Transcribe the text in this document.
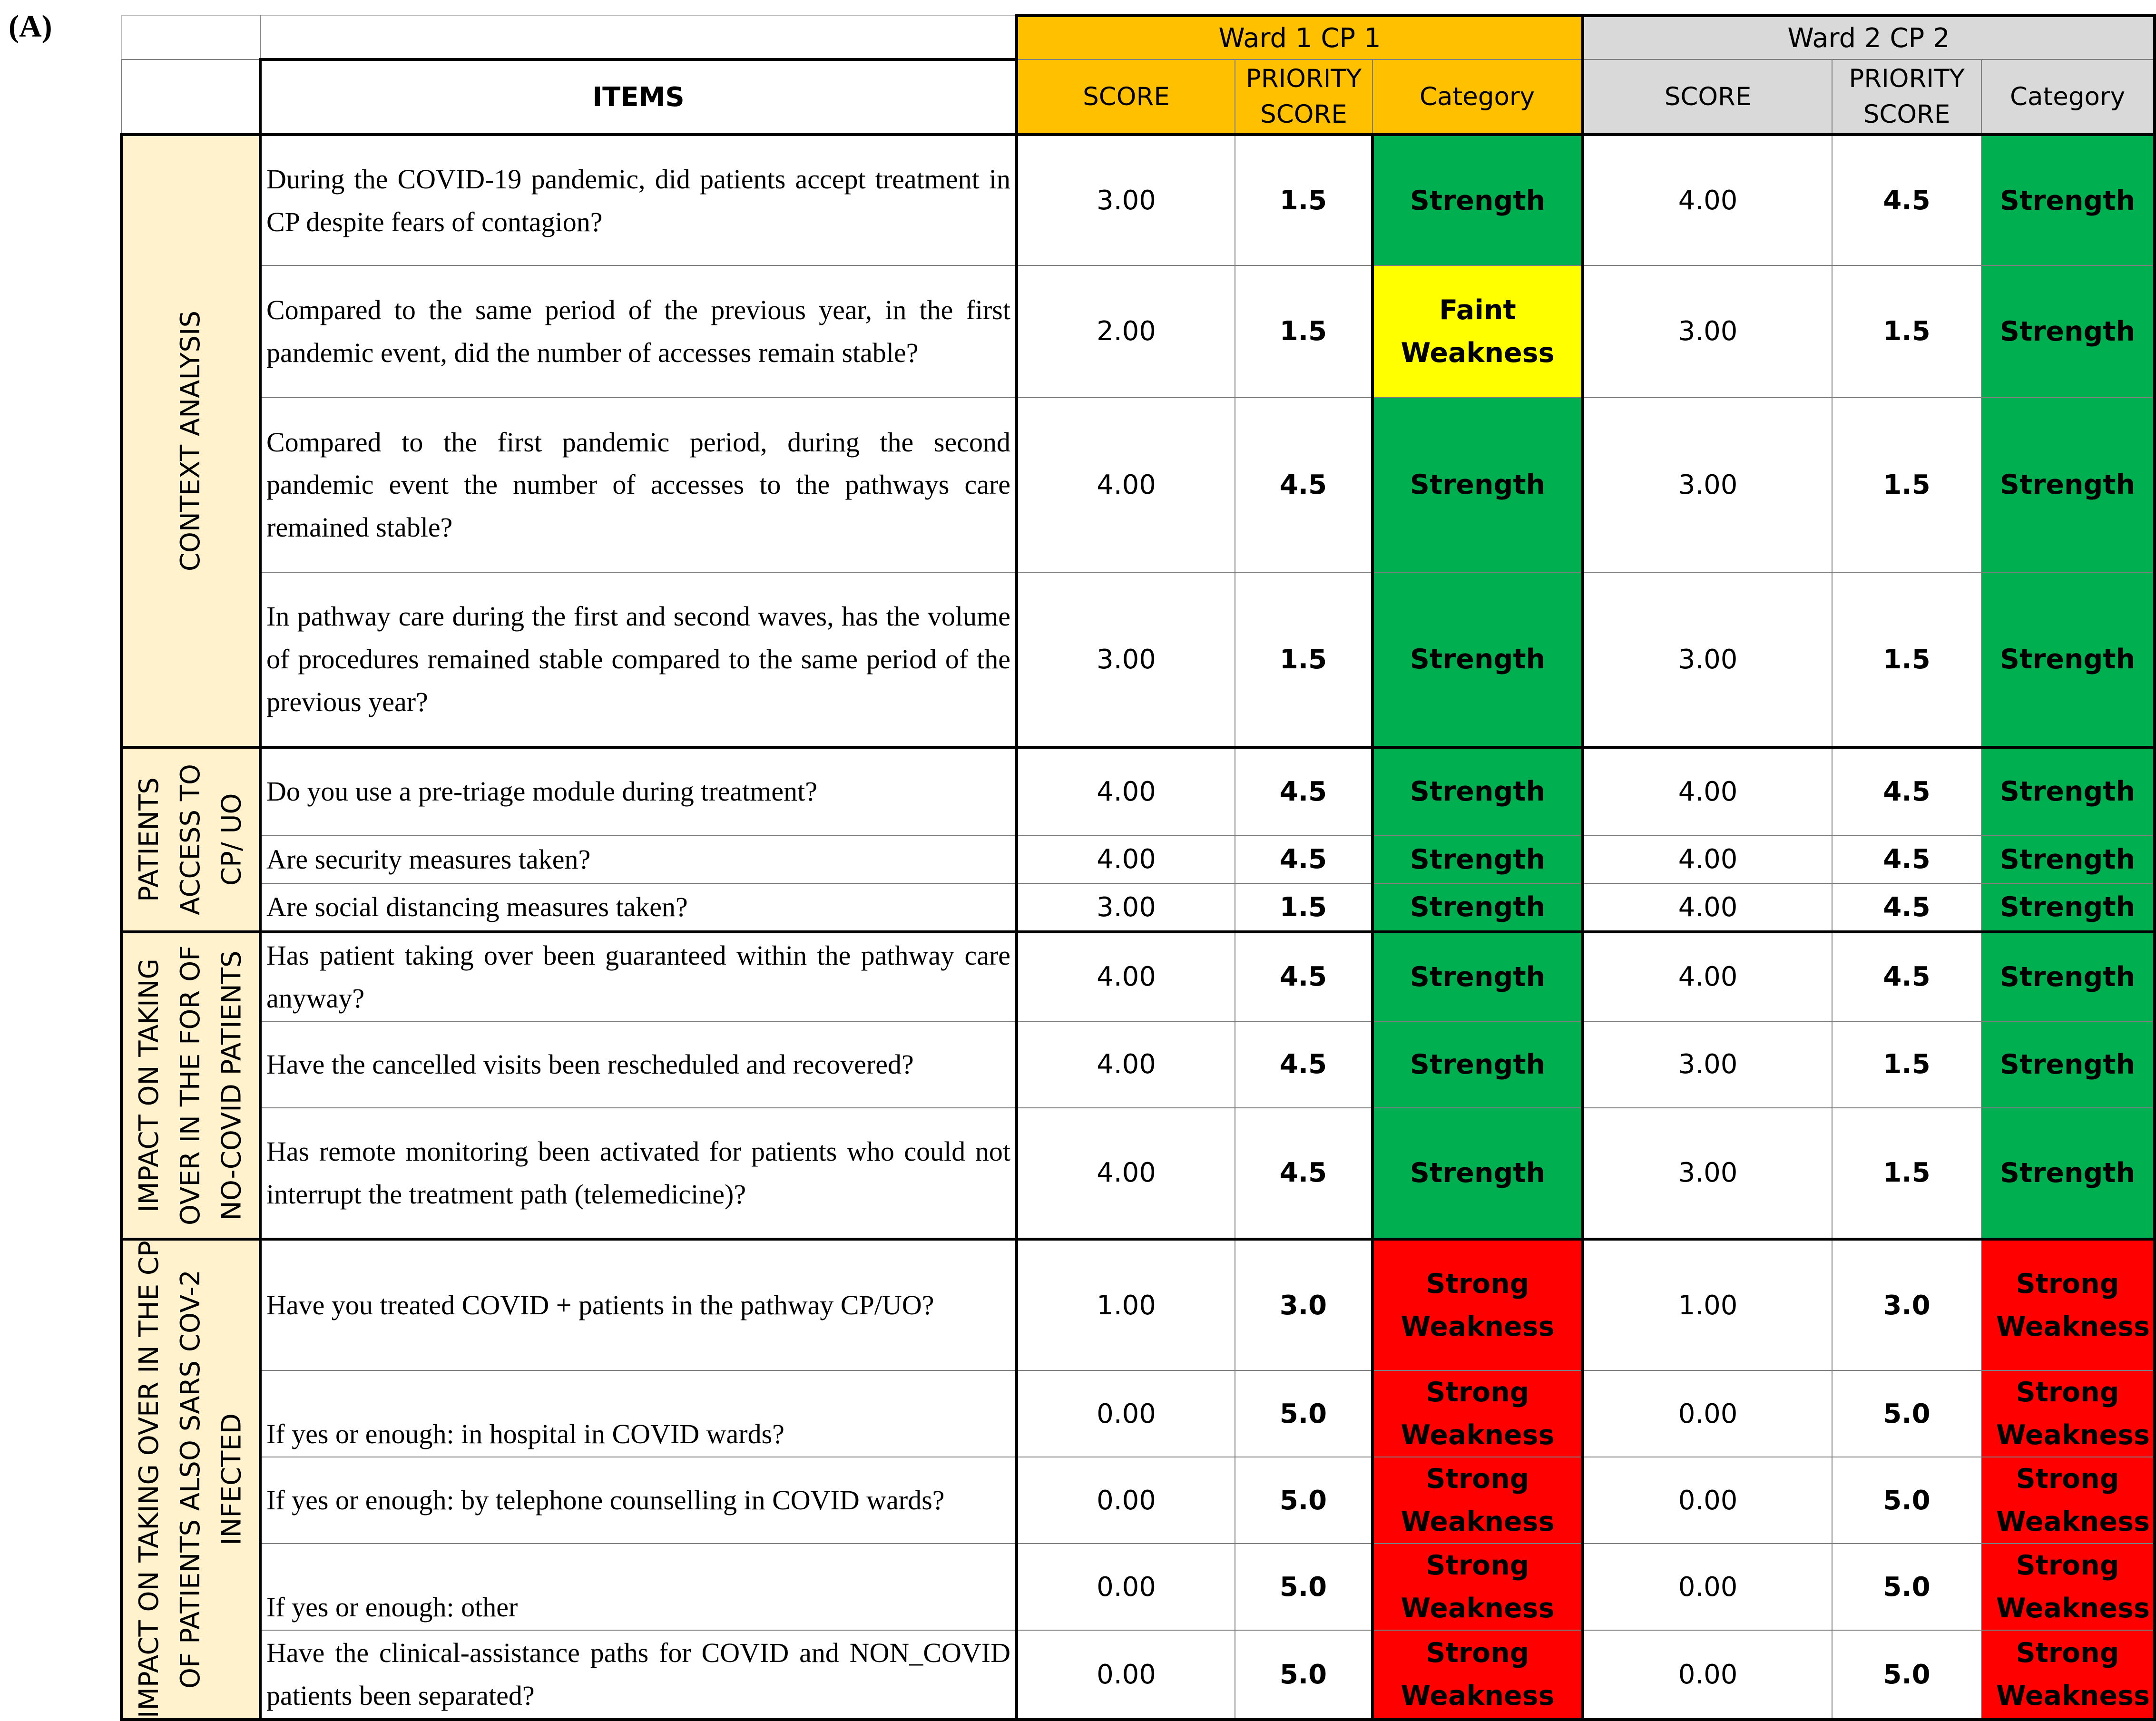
(A)
			Ward 1 CP 1			Ward 2 CP 2		
	ITEMS	SCORE	PRIORITY SCORE	Category	SCORE	PRIORITY SCORE	Category

CONTEXT ANALYSIS	During the COVID-19 pandemic, did patients accept treatment in CP despite fears of contagion?	3.00	1.5	Strength	4.00	4.5	Strength
	Compared to the same period of the previous year, in the first pandemic event, did the number of accesses remain stable?	2.00	1.5	Faint Weakness	3.00	1.5	Strength
	Compared to the first pandemic period, during the second pandemic event the number of accesses to the pathways care remained stable?	4.00	4.5	Strength	3.00	1.5	Strength
	In pathway care during the first and second waves, has the volume of procedures remained stable compared to the same period of the previous year?	3.00	1.5	Strength	3.00	1.5	Strength

PATIENTS ACCESS TO CP/ UO	Do you use a pre-triage module during treatment?	4.00	4.5	Strength	4.00	4.5	Strength
	Are security measures taken?	4.00	4.5	Strength	4.00	4.5	Strength
	Are social distancing measures taken?	3.00	1.5	Strength	4.00	4.5	Strength

IMPACT ON TAKING OVER IN THE FOR OF NO-COVID PATIENTS	Has patient taking over been guaranteed within the pathway care anyway?	4.00	4.5	Strength	4.00	4.5	Strength
	Have the cancelled visits been rescheduled and recovered?	4.00	4.5	Strength	3.00	1.5	Strength
	Has remote monitoring been activated for patients who could not interrupt the treatment path (telemedicine)?	4.00	4.5	Strength	3.00	1.5	Strength

IMPACT ON TAKING OVER IN THE CP OF PATIENTS ALSO SARS COV-2 INFECTED	Have you treated COVID + patients in the pathway CP/UO?	1.00	3.0	Strong Weakness	1.00	3.0	Strong Weakness
	If yes or enough: in hospital in COVID wards?	0.00	5.0	Strong Weakness	0.00	5.0	Strong Weakness
	If yes or enough: by telephone counselling in COVID wards?	0.00	5.0	Strong Weakness	0.00	5.0	Strong Weakness
	If yes or enough: other	0.00	5.0	Strong Weakness	0.00	5.0	Strong Weakness
	Have the clinical-assistance paths for COVID and NON_COVID patients been separated?	0.00	5.0	Strong Weakness	0.00	5.0	Strong Weakness
